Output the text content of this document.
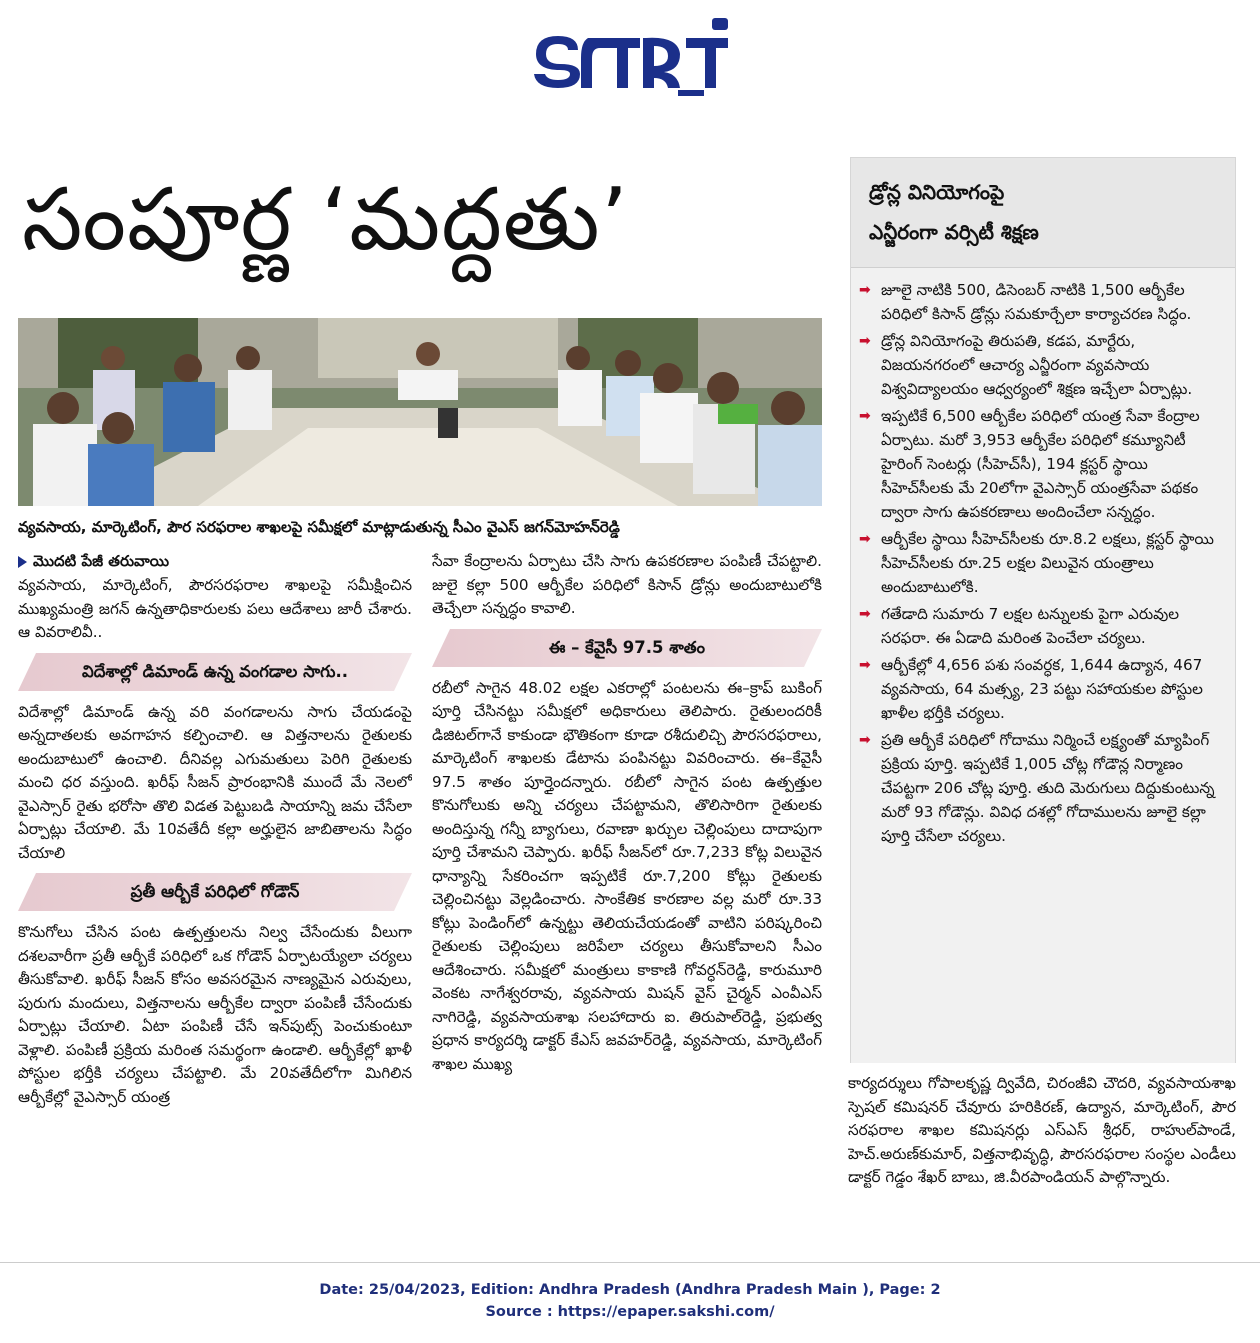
సంపూర్ణ ‘మద్దతు’
వ్యవసాయ, మార్కెటింగ్, పౌర సరఫరాల శాఖలపై సమీక్షలో మాట్లాడుతున్న సీఎం వైఎస్ జగన్‌మోహన్‌రెడ్డి
మొదటి పేజీ తరువాయి

వ్యవసాయ, మార్కెటింగ్, పౌరసరఫరాల శాఖలపై సమీక్షించిన ముఖ్యమంత్రి జగన్ ఉన్నతాధికారులకు పలు ఆదేశాలు జారీ చేశారు. ఆ వివరాలివీ..

విదేశాల్లో డిమాండ్ ఉన్న వంగడాల సాగు..

విదేశాల్లో డిమాండ్ ఉన్న వరి వంగడాలను సాగు చేయడంపై అన్నదాతలకు అవగాహన కల్పించాలి. ఆ విత్తనాలను రైతులకు అందుబాటులో ఉంచాలి. దీనివల్ల ఎగుమతులు పెరిగి రైతులకు మంచి ధర వస్తుంది. ఖరీఫ్ సీజన్ ప్రారంభానికి ముందే మే నెలలో వైఎస్సార్ రైతు భరోసా తొలి విడత పెట్టుబడి సాయాన్ని జమ చేసేలా ఏర్పాట్లు చేయాలి. మే 10వతేదీ కల్లా అర్హులైన జాబితాలను సిద్ధం చేయాలి

ప్రతీ ఆర్బీకే పరిధిలో గోడౌన్

కొనుగోలు చేసిన పంట ఉత్పత్తులను నిల్వ చేసేందుకు వీలుగా దశలవారీగా ప్రతీ ఆర్బీకే పరిధిలో ఒక గోడౌన్ ఏర్పాటయ్యేలా చర్యలు తీసుకోవాలి. ఖరీఫ్ సీజన్ కోసం అవసరమైన నాణ్యమైన ఎరువులు, పురుగు మందులు, విత్తనాలను ఆర్బీకేల ద్వారా పంపిణీ చేసేందుకు ఏర్పాట్లు చేయాలి. ఏటా పంపిణీ చేసే ఇన్‌పుట్స్ పెంచుకుంటూ వెళ్లాలి. పంపిణీ ప్రక్రియ మరింత సమర్థంగా ఉండాలి. ఆర్బీకేల్లో ఖాళీ పోస్టుల భర్తీకి చర్యలు చేపట్టాలి. మే 20వతేదీలోగా మిగిలిన ఆర్బీకేల్లో వైఎస్సార్ యంత్ర

సేవా కేంద్రాలను ఏర్పాటు చేసి సాగు ఉపకరణాల పంపిణీ చేపట్టాలి. జులై కల్లా 500 ఆర్బీకేల పరిధిలో కిసాన్ డ్రోన్లు అందుబాటులోకి తెచ్చేలా సన్నద్ధం కావాలి.

ఈ – కేవైసీ 97.5 శాతం

రబీలో సాగైన 48.02 లక్షల ఎకరాల్లో పంటలను ఈ–క్రాప్ బుకింగ్ పూర్తి చేసినట్టు సమీక్షలో అధికారులు తెలిపారు. రైతులందరికీ డిజిటల్‌గానే కాకుండా భౌతికంగా కూడా రశీదులిచ్చి పౌరసరఫరాలు, మార్కెటింగ్ శాఖలకు డేటాను పంపినట్టు వివరించారు. ఈ–కేవైసీ 97.5 శాతం పూర్తైందన్నారు. రబీలో సాగైన పంట ఉత్పత్తుల కొనుగోలుకు అన్ని చర్యలు చేపట్టామని, తొలిసారిగా రైతులకు అందిస్తున్న గన్నీ బ్యాగులు, రవాణా ఖర్చుల చెల్లింపులు దాదాపుగా పూర్తి చేశామని చెప్పారు. ఖరీఫ్ సీజన్‌లో రూ.7,233 కోట్ల విలువైన ధాన్యాన్ని సేకరించగా ఇప్పటికే రూ.7,200 కోట్లు రైతులకు చెల్లించినట్టు వెల్లడించారు. సాంకేతిక కారణాల వల్ల మరో రూ.33 కోట్లు పెండింగ్‌లో ఉన్నట్టు తెలియచేయడంతో వాటిని పరిష్కరించి రైతులకు చెల్లింపులు జరిపేలా చర్యలు తీసుకోవాలని సీఎం ఆదేశించారు. సమీక్షలో మంత్రులు కాకాణి గోవర్ధన్‌రెడ్డి, కారుమూరి వెంకట నాగేశ్వరరావు, వ్యవసాయ మిషన్ వైస్ చైర్మన్ ఎంవీఎస్ నాగిరెడ్డి, వ్యవసాయశాఖ సలహాదారు ఐ. తిరుపాల్‌రెడ్డి, ప్రభుత్వ ప్రధాన కార్యదర్శి డాక్టర్ కేఎస్ జవహర్‌రెడ్డి, వ్యవసాయ, మార్కెటింగ్ శాఖల ముఖ్య

డ్రోన్ల వినియోగంపై
ఎన్జీరంగా వర్సిటీ శిక్షణ
➡ జూలై నాటికి 500, డిసెంబర్ నాటికి 1,500 ఆర్బీకేల పరిధిలో కిసాన్ డ్రోన్లు సమకూర్చేలా కార్యాచరణ సిద్ధం.
➡ డ్రోన్ల వినియోగంపై తిరుపతి, కడప, మార్టేరు, విజయనగరంలో ఆచార్య ఎన్జీరంగా వ్యవసాయ విశ్వవిద్యాలయం ఆధ్వర్యంలో శిక్షణ ఇచ్చేలా ఏర్పాట్లు.
➡ ఇప్పటికే 6,500 ఆర్బీకేల పరిధిలో యంత్ర సేవా కేంద్రాల ఏర్పాటు. మరో 3,953 ఆర్బీకేల పరిధిలో కమ్యూనిటీ హైరింగ్ సెంటర్లు (సీహెచ్‌సీ), 194 క్లస్టర్ స్థాయి సీహెచ్‌సీలకు మే 20లోగా వైఎస్సార్ యంత్రసేవా పథకం ద్వారా సాగు ఉపకరణాలు అందించేలా సన్నద్ధం.
➡ ఆర్బీకేల స్థాయి సీహెచ్‌సీలకు రూ.8.2 లక్షలు, క్లస్టర్ స్థాయి సీహెచ్‌సీలకు రూ.25 లక్షల విలువైన యంత్రాలు అందుబాటులోకి.
➡ గతేడాది సుమారు 7 లక్షల టన్నులకు పైగా ఎరువుల సరఫరా. ఈ ఏడాది మరింత పెంచేలా చర్యలు.
➡ ఆర్బీకేల్లో 4,656 పశు సంవర్ధక, 1,644 ఉద్యాన, 467 వ్యవసాయ, 64 మత్స్య, 23 పట్టు సహాయకుల పోస్టుల ఖాళీల భర్తీకి చర్యలు.
➡ ప్రతి ఆర్బీకే పరిధిలో గోదాము నిర్మించే లక్ష్యంతో మ్యాపింగ్ ప్రక్రియ పూర్తి. ఇప్పటికే 1,005 చోట్ల గోడౌన్ల నిర్మాణం చేపట్టగా 206 చోట్ల పూర్తి. తుది మెరుగులు దిద్దుకుంటున్న మరో 93 గోడౌన్లు. వివిధ దశల్లో గోదాములను జూలై కల్లా పూర్తి చేసేలా చర్యలు.

కార్యదర్శులు గోపాలకృష్ణ ద్వివేది, చిరంజీవి చౌదరి, వ్యవసాయశాఖ స్పెషల్ కమిషనర్ చేవూరు హరికిరణ్, ఉద్యాన, మార్కెటింగ్, పౌర సరఫరాల శాఖల కమిషనర్లు ఎస్ఎస్ శ్రీధర్, రాహుల్‌పాండే, హెచ్.అరుణ్‌కుమార్, విత్తనాభివృద్ధి, పౌరసరఫరాల సంస్థల ఎండీలు డాక్టర్ గెడ్డం శేఖర్ బాబు, జి.వీరపాండియన్ పాల్గొన్నారు.

Date: 25/04/2023, Edition: Andhra Pradesh (Andhra Pradesh Main ), Page: 2
Source : https://epaper.sakshi.com/
